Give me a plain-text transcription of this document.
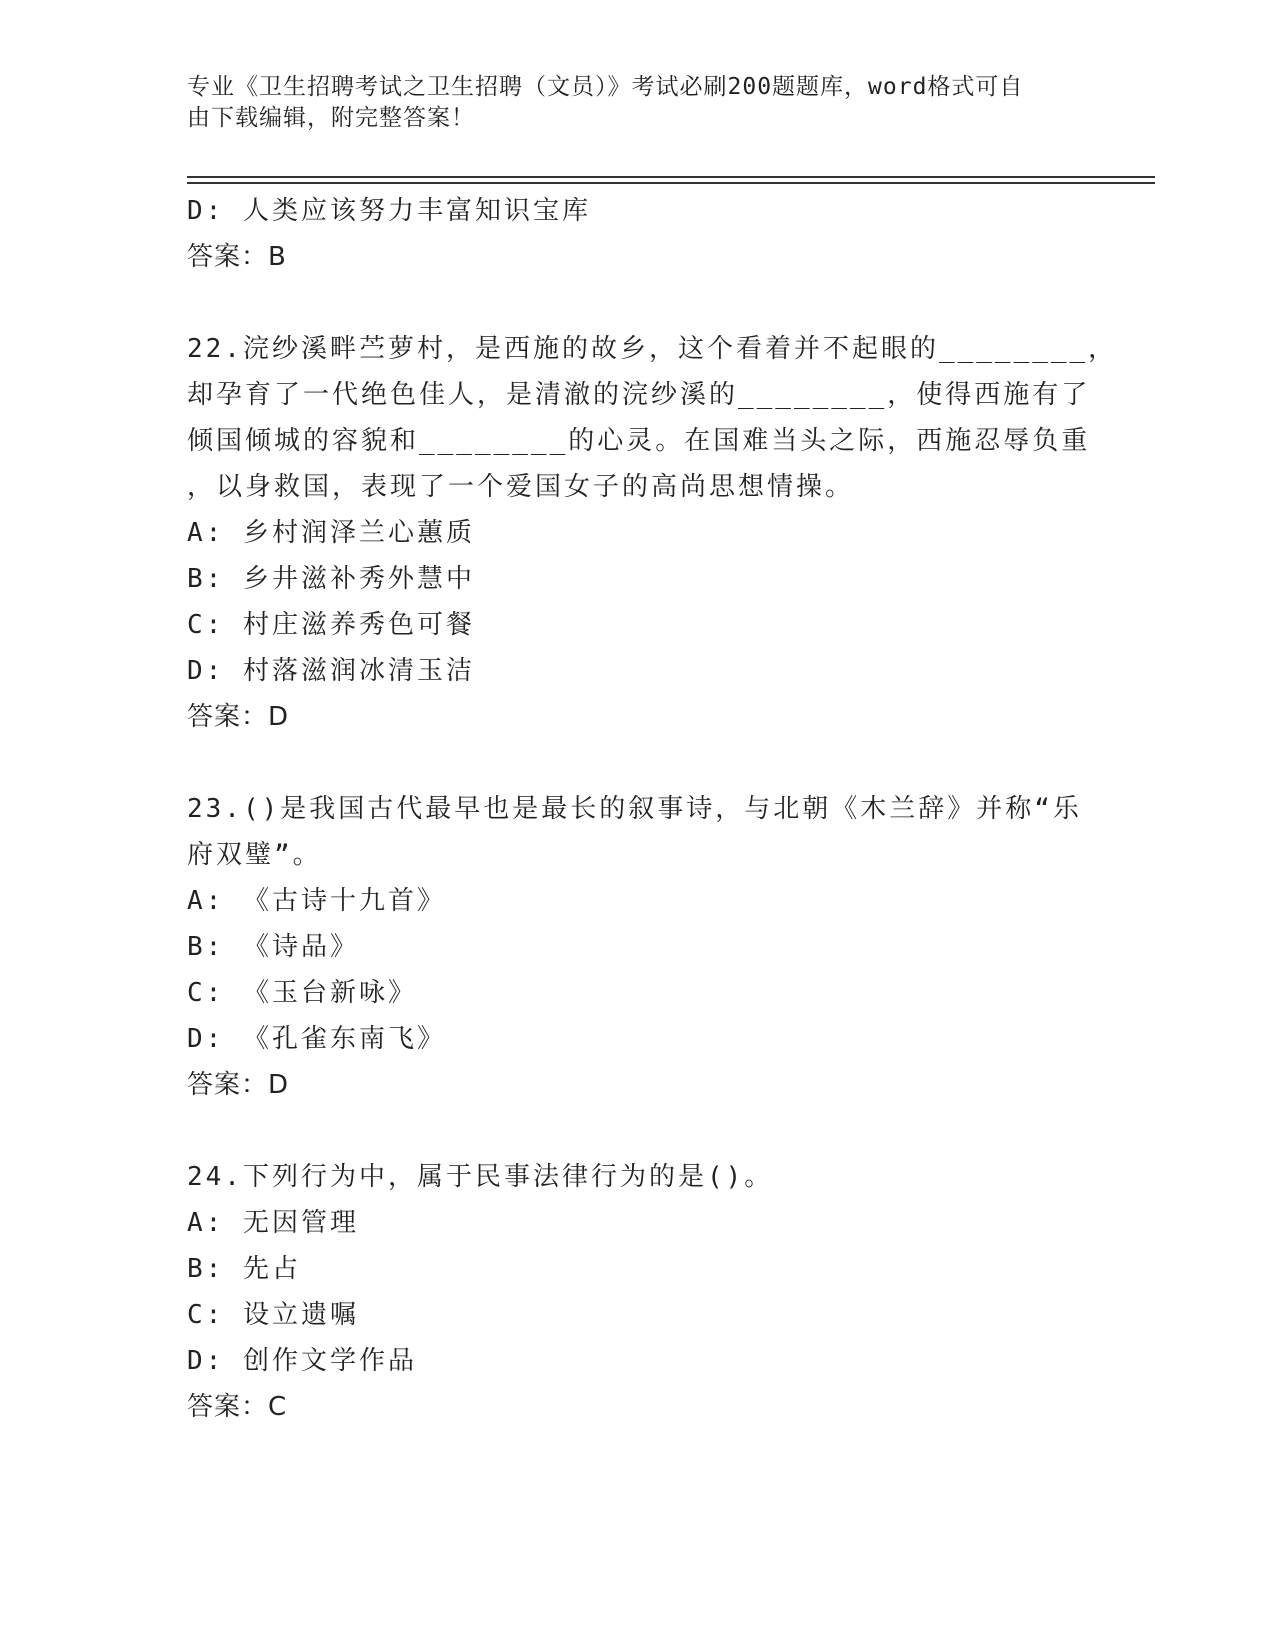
专业《卫生招聘考试之卫生招聘（文员）》考试必刷200题题库，word格式可自
由下载编辑，附完整答案！
D: 人类应该努力丰富知识宝库
答案：B
22.浣纱溪畔苎萝村，是西施的故乡，这个看着并不起眼的________，
却孕育了一代绝色佳人，是清澈的浣纱溪的________，使得西施有了
倾国倾城的容貌和________的心灵。在国难当头之际，西施忍辱负重
，以身救国，表现了一个爱国女子的高尚思想情操。
A: 乡村润泽兰心蕙质
B: 乡井滋补秀外慧中
C: 村庄滋养秀色可餐
D: 村落滋润冰清玉洁
答案：D
23.()是我国古代最早也是最长的叙事诗，与北朝《木兰辞》并称“乐
府双璧”。
A: 《古诗十九首》
B: 《诗品》
C: 《玉台新咏》
D: 《孔雀东南飞》
答案：D
24.下列行为中，属于民事法律行为的是()。
A: 无因管理
B: 先占
C: 设立遗嘱
D: 创作文学作品
答案：C
